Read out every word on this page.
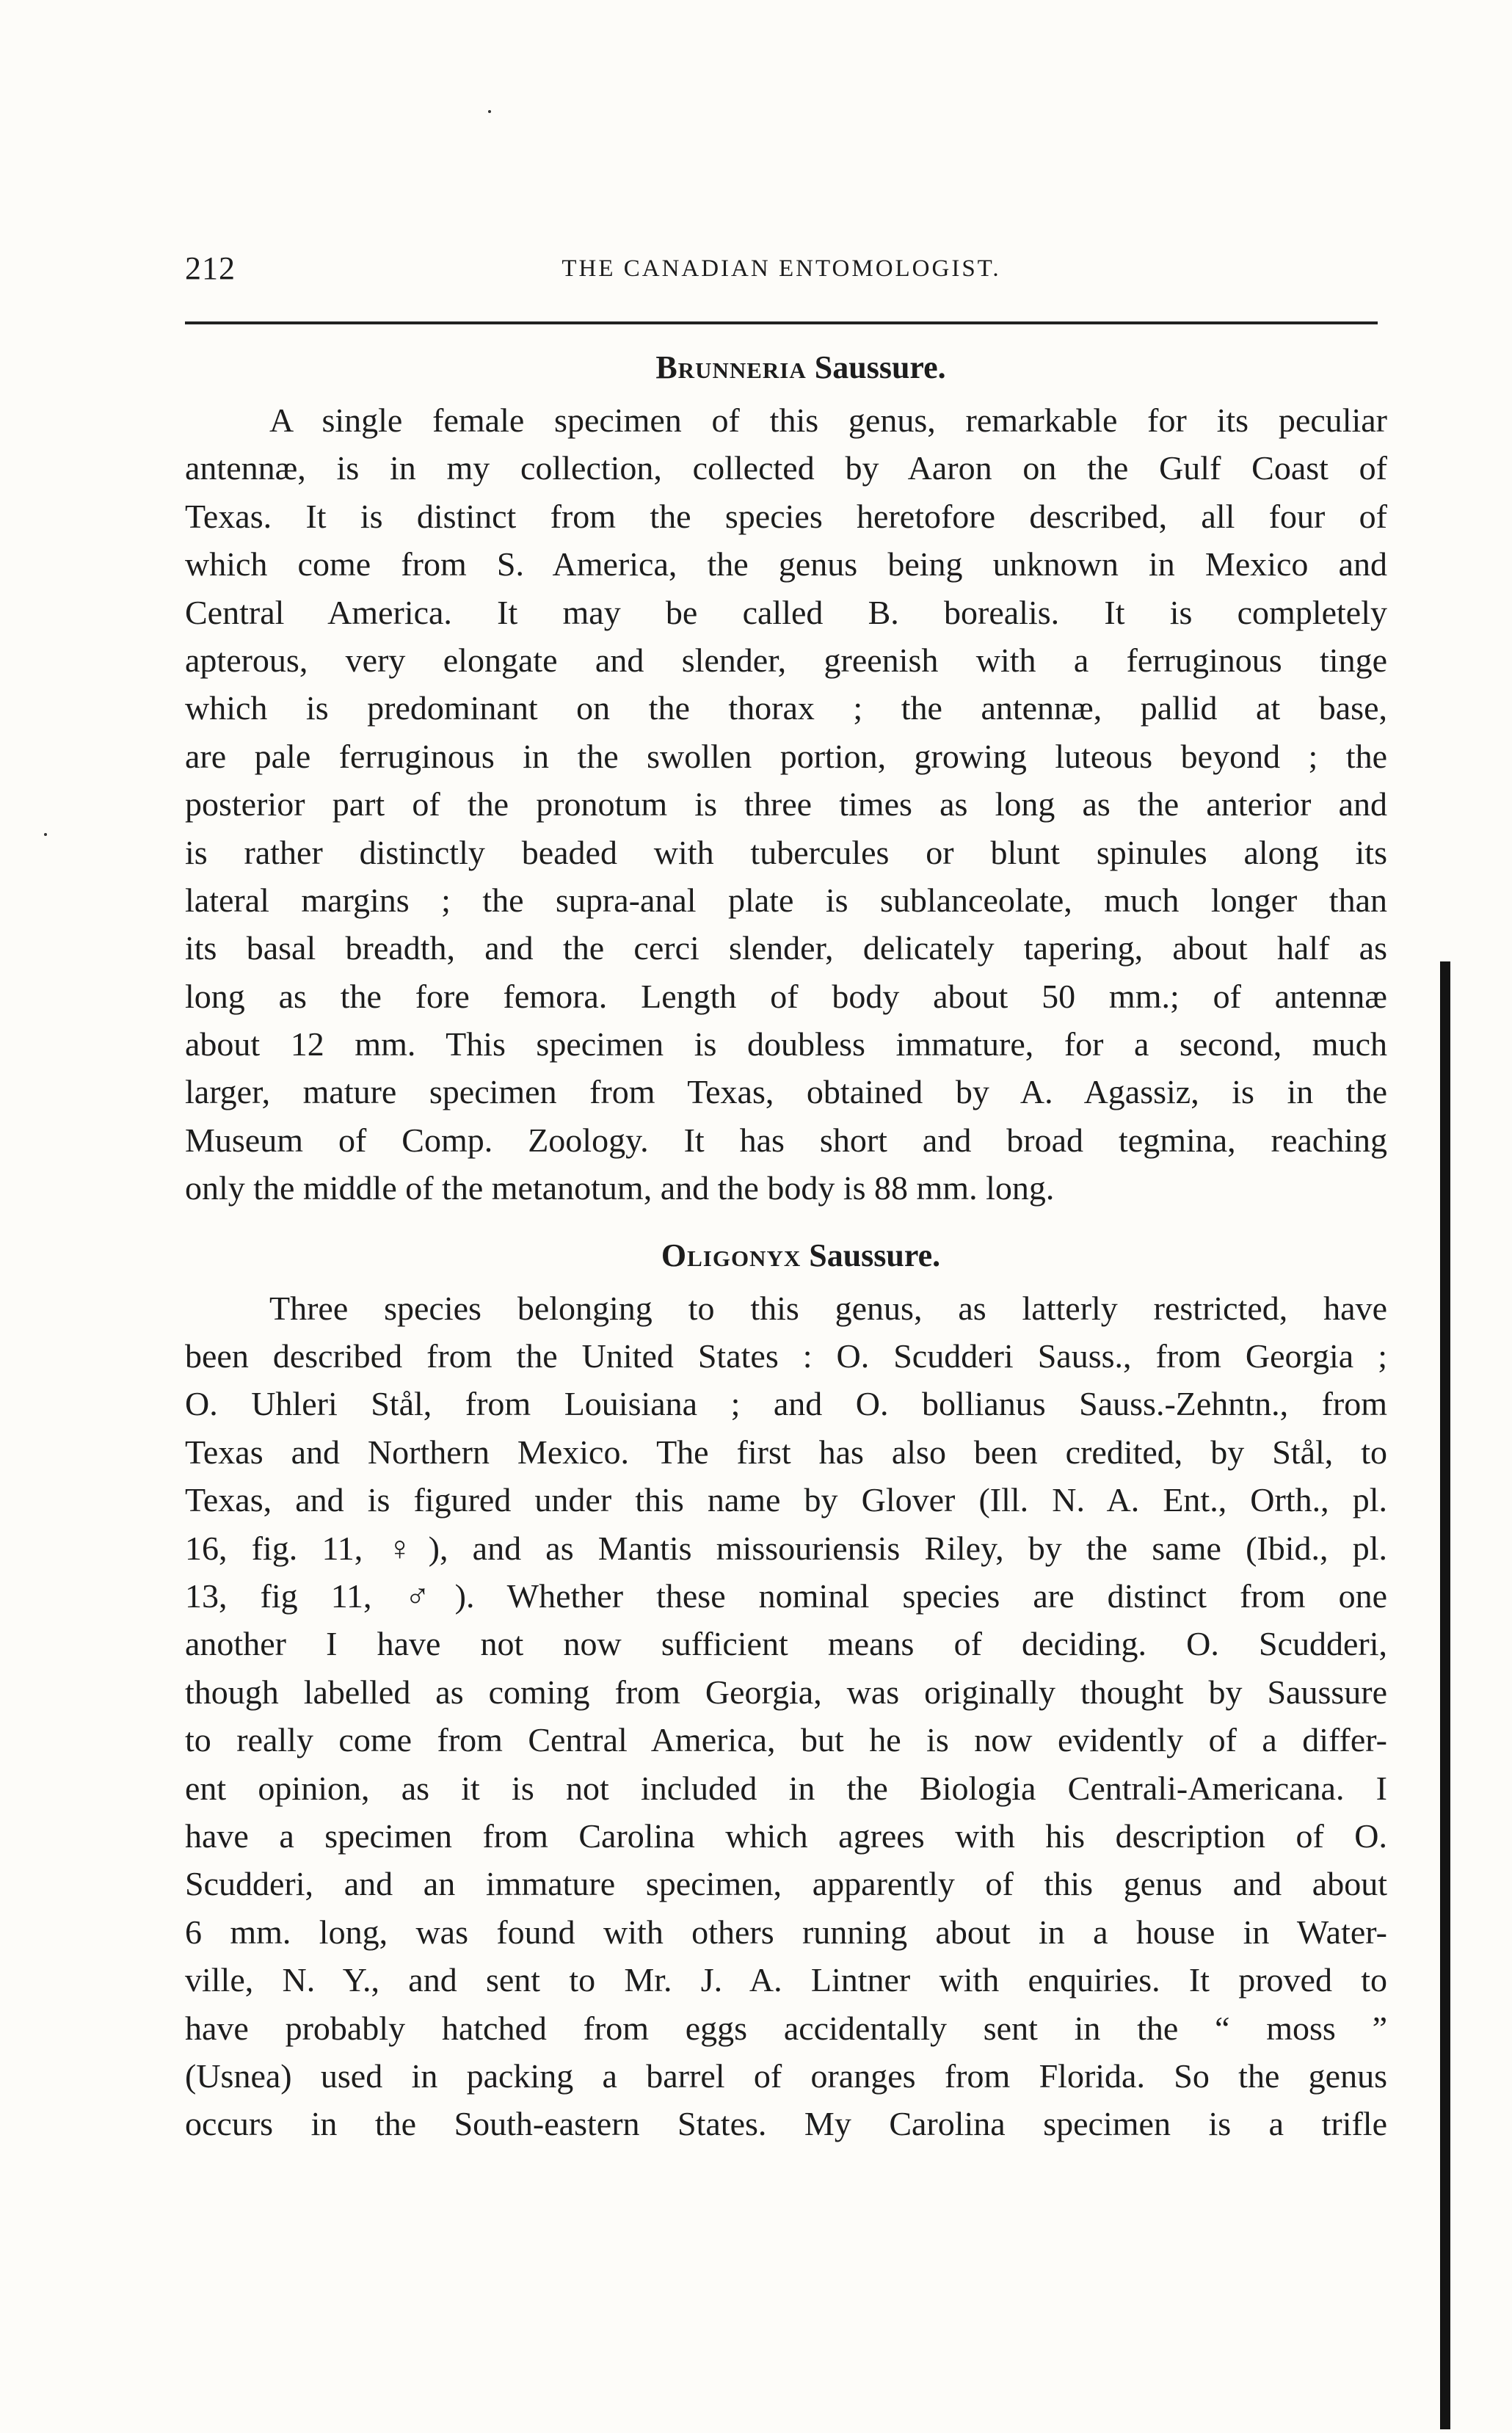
212	THE CANADIAN ENTOMOLOGIST.
Brunneria Saussure.
A single female specimen of this genus, remarkable for its peculiar
antennæ, is in my collection, collected by Aaron on the Gulf Coast of
Texas. It is distinct from the species heretofore described, all four of
which come from S. America, the genus being unknown in Mexico and
Central America. It may be called B. borealis. It is completely
apterous, very elongate and slender, greenish with a ferruginous tinge
which is predominant on the thorax ; the antennæ, pallid at base,
are pale ferruginous in the swollen portion, growing luteous beyond ; the
posterior part of the pronotum is three times as long as the anterior and
is rather distinctly beaded with tubercules or blunt spinules along its
lateral margins ; the supra-anal plate is sublanceolate, much longer than
its basal breadth, and the cerci slender, delicately tapering, about half as
long as the fore femora. Length of body about 50 mm.; of antennæ
about 12 mm. This specimen is doubless immature, for a second, much
larger, mature specimen from Texas, obtained by A. Agassiz, is in the
Museum of Comp. Zoology. It has short and broad tegmina, reaching
only the middle of the metanotum, and the body is 88 mm. long.
Oligonyx Saussure.
Three species belonging to this genus, as latterly restricted, have
been described from the United States : O. Scudderi Sauss., from Georgia ;
O. Uhleri Stål, from Louisiana ; and O. bollianus Sauss.-Zehntn., from
Texas and Northern Mexico. The first has also been credited, by Stål, to
Texas, and is figured under this name by Glover (Ill. N. A. Ent., Orth., pl.
16, fig. 11, ♀), and as Mantis missouriensis Riley, by the same (Ibid., pl.
13, fig 11, ♂). Whether these nominal species are distinct from one
another I have not now sufficient means of deciding. O. Scudderi,
though labelled as coming from Georgia, was originally thought by Saussure
to really come from Central America, but he is now evidently of a differ-
ent opinion, as it is not included in the Biologia Centrali-Americana. I
have a specimen from Carolina which agrees with his description of O.
Scudderi, and an immature specimen, apparently of this genus and about
6 mm. long, was found with others running about in a house in Water-
ville, N. Y., and sent to Mr. J. A. Lintner with enquiries. It proved to
have probably hatched from eggs accidentally sent in the “ moss ”
(Usnea) used in packing a barrel of oranges from Florida. So the genus
occurs in the South-eastern States. My Carolina specimen is a trifle
